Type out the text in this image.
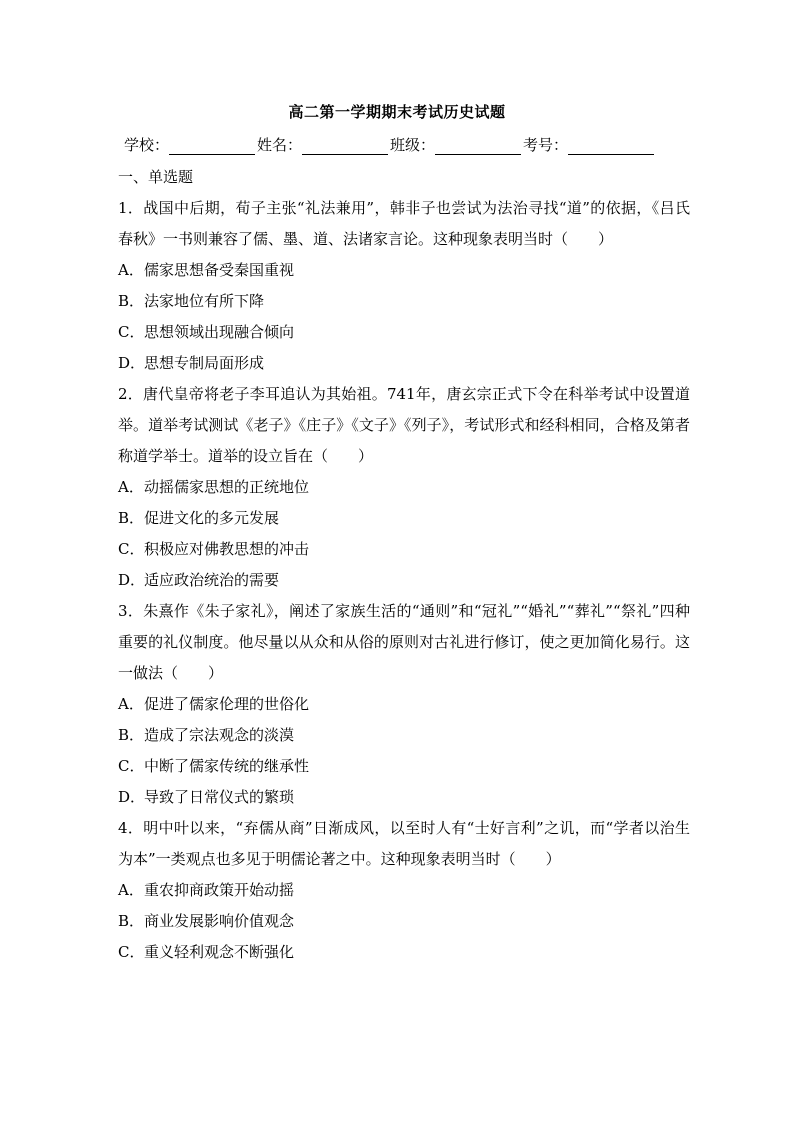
高二第一学期期末考试历史试题
学校：	姓名：	班级：	考号：
一、单选题
1．战国中后期，荀子主张“礼法兼用”，韩非子也尝试为法治寻找“道”的依据，《吕氏春秋》一书则兼容了儒、墨、道、法诸家言论。这种现象表明当时（　　）
A．儒家思想备受秦国重视
B．法家地位有所下降
C．思想领域出现融合倾向
D．思想专制局面形成
2．唐代皇帝将老子李耳追认为其始祖。741年，唐玄宗正式下令在科举考试中设置道举。道举考试测试《老子》《庄子》《文子》《列子》，考试形式和经科相同，合格及第者称道学举士。道举的设立旨在（　　）
A．动摇儒家思想的正统地位
B．促进文化的多元发展
C．积极应对佛教思想的冲击
D．适应政治统治的需要
3．朱熹作《朱子家礼》，阐述了家族生活的“通则”和“冠礼”“婚礼”“葬礼”“祭礼”四种重要的礼仪制度。他尽量以从众和从俗的原则对古礼进行修订，使之更加简化易行。这一做法（　　）
A．促进了儒家伦理的世俗化
B．造成了宗法观念的淡漠
C．中断了儒家传统的继承性
D．导致了日常仪式的繁琐
4．明中叶以来，“弃儒从商”日渐成风，以至时人有“士好言利”之讥，而“学者以治生为本”一类观点也多见于明儒论著之中。这种现象表明当时（　　）
A．重农抑商政策开始动摇
B．商业发展影响价值观念
C．重义轻利观念不断强化
